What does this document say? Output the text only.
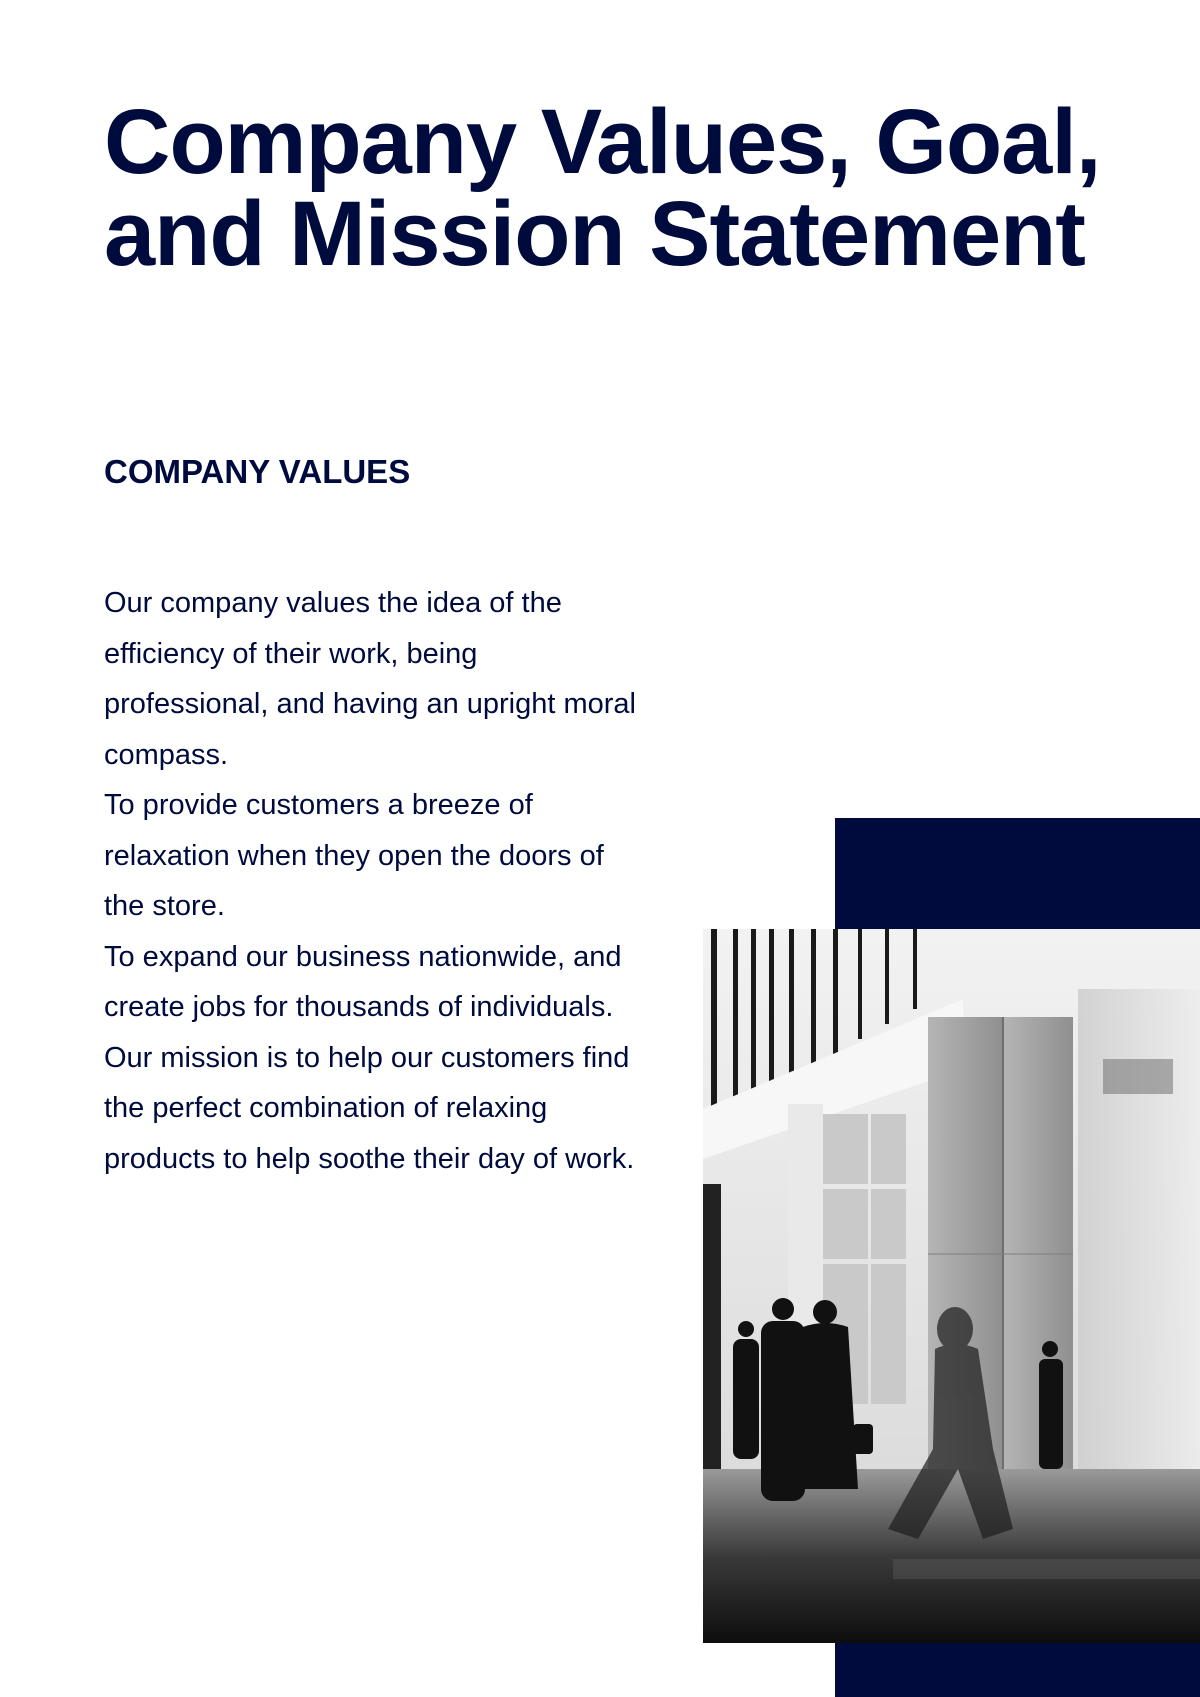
Company Values, Goal,
and Mission Statement
COMPANY VALUES

Our company values the idea of the efficiency of their work, being professional, and having an upright moral compass.

To provide customers a breeze of relaxation when they open the doors of the store.

To expand our business nationwide, and create jobs for thousands of individuals.

Our mission is to help our customers find the perfect combination of relaxing products to help soothe their day of work.
